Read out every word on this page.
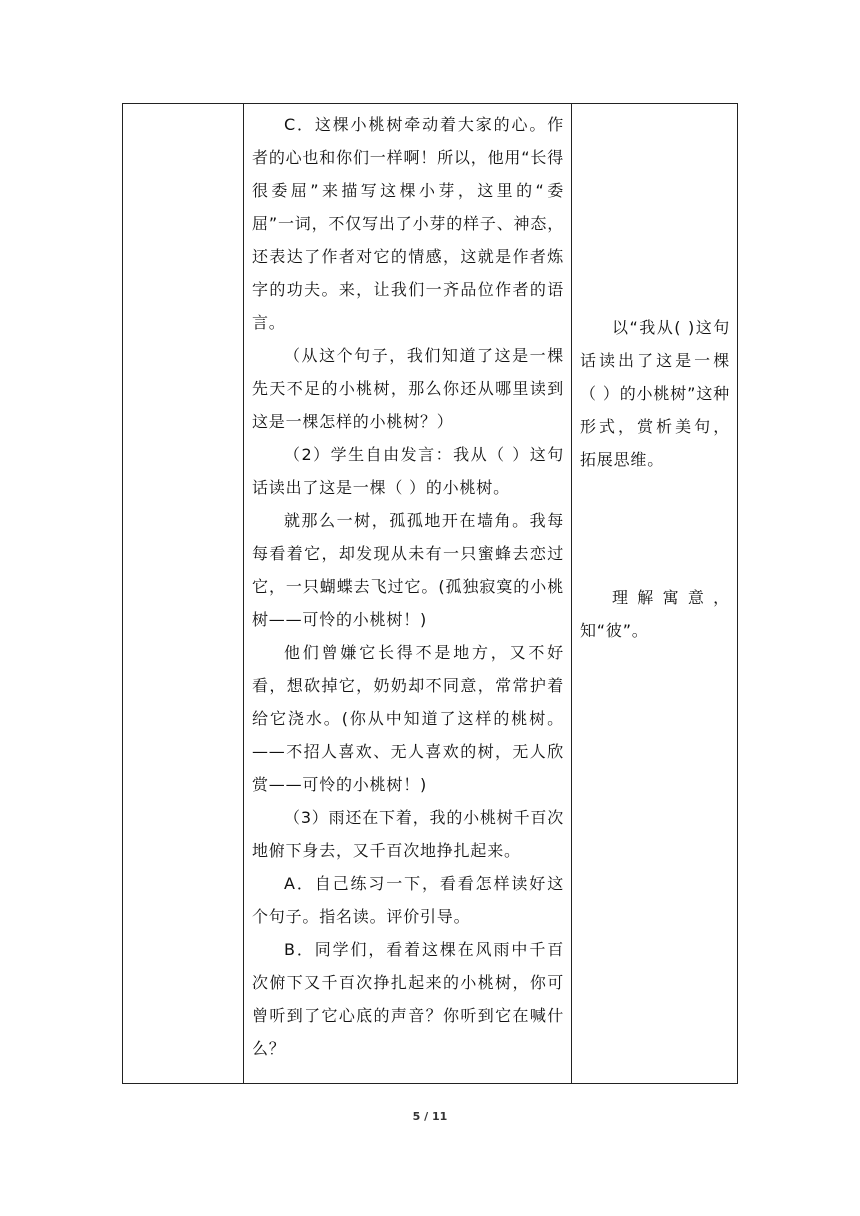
C．这棵小桃树牵动着大家的心。作者的心也和你们一样啊！所以，他用“长得很委屈”来描写这棵小芽，这里的“委屈”一词，不仅写出了小芽的样子、神态，还表达了作者对它的情感，这就是作者炼字的功夫。来，让我们一齐品位作者的语言。

（从这个句子，我们知道了这是一棵先天不足的小桃树，那么你还从哪里读到这是一棵怎样的小桃树？）

（2）学生自由发言：我从（ ）这句话读出了这是一棵（ ）的小桃树。

就那么一树，孤孤地开在墙角。我每每看着它，却发现从未有一只蜜蜂去恋过它，一只蝴蝶去飞过它。(孤独寂寞的小桃树——可怜的小桃树！)

他们曾嫌它长得不是地方，又不好看，想砍掉它，奶奶却不同意，常常护着给它浇水。(你从中知道了这样的桃树。——不招人喜欢、无人喜欢的树，无人欣赏——可怜的小桃树！)

（3）雨还在下着，我的小桃树千百次地俯下身去，又千百次地挣扎起来。

A．自己练习一下，看看怎样读好这个句子。指名读。评价引导。

B．同学们，看着这棵在风雨中千百次俯下又千百次挣扎起来的小桃树，你可曾听到了它心底的声音？你听到它在喊什么？

以“我从( )这句话读出了这是一棵（ ）的小桃树”这种形式，赏析美句，拓展思维。

理解寓意，知“彼”。

5 / 11
